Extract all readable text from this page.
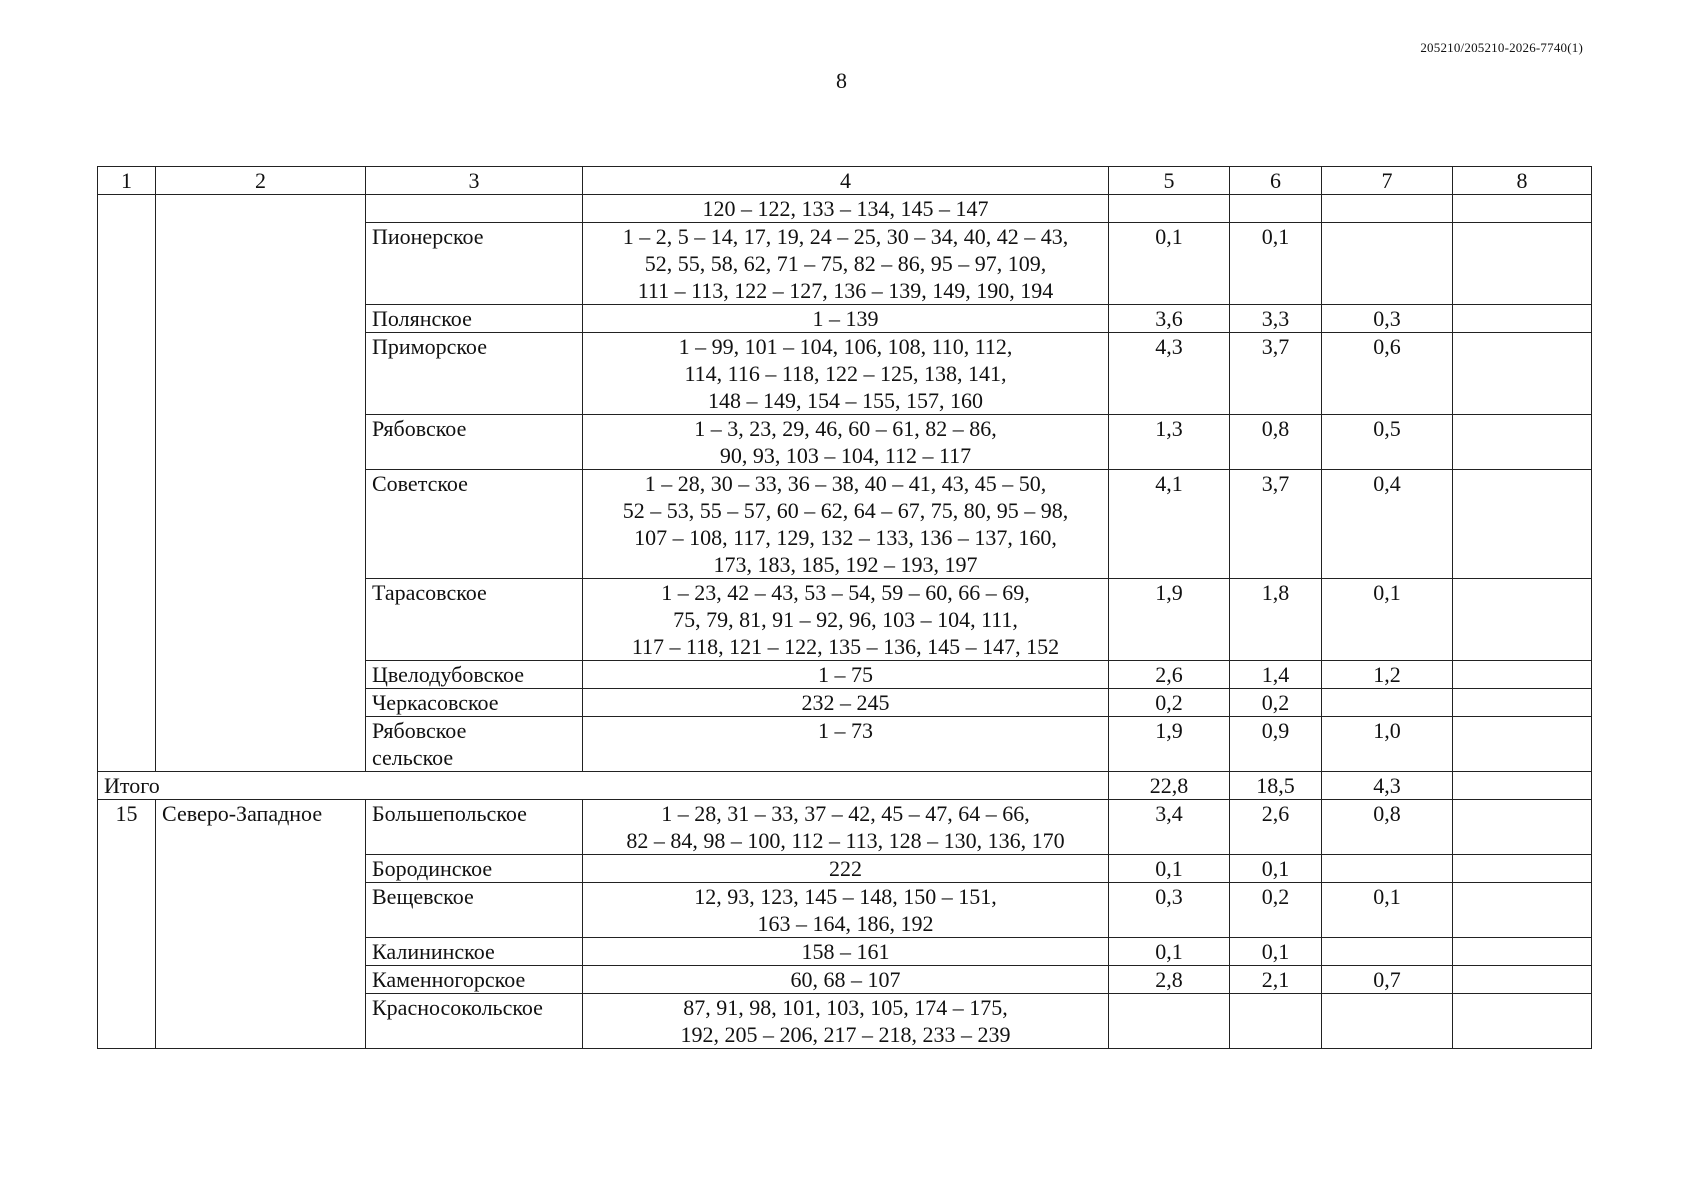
205210/205210-2026-7740(1)
8
1	2	3	4	5	6	7	8

			120 – 122, 133 – 134, 145 – 147				

		Пионерское	1 – 2, 5 – 14, 17, 19, 24 – 25, 30 – 34, 40, 42 – 43,
52, 55, 58, 62, 71 – 75, 82 – 86, 95 – 97, 109,
111 – 113, 122 – 127, 136 – 139, 149, 190, 194	0,1	0,1		
		Полянское	1 – 139	3,6	3,3	0,3	
		Приморское	1 – 99, 101 – 104, 106, 108, 110, 112,
114, 116 – 118, 122 – 125, 138, 141,
148 – 149, 154 – 155, 157, 160	4,3	3,7	0,6	
		Рябовское	1 – 3, 23, 29, 46, 60 – 61, 82 – 86,
90, 93, 103 – 104, 112 – 117	1,3	0,8	0,5	
		Советское	1 – 28, 30 – 33, 36 – 38, 40 – 41, 43, 45 – 50,
52 – 53, 55 – 57, 60 – 62, 64 – 67, 75, 80, 95 – 98,
107 – 108, 117, 129, 132 – 133, 136 – 137, 160,
173, 183, 185, 192 – 193, 197	4,1	3,7	0,4	
		Тарасовское	1 – 23, 42 – 43, 53 – 54, 59 – 60, 66 – 69,
75, 79, 81, 91 – 92, 96, 103 – 104, 111,
117 – 118, 121 – 122, 135 – 136, 145 – 147, 152	1,9	1,8	0,1	
		Цвелодубовское	1 – 75	2,6	1,4	1,2	
		Черкасовское	232 – 245	0,2	0,2		

		Рябовское
сельское	1 – 73	1,9	0,9	1,0	
Итого				22,8	18,5	4,3	
15	Северо-Западное	Большепольское	1 – 28, 31 – 33, 37 – 42, 45 – 47, 64 – 66,
82 – 84, 98 – 100, 112 – 113, 128 – 130, 136, 170	3,4	2,6	0,8	
		Бородинское	222	0,1	0,1		
		Вещевское	12, 93, 123, 145 – 148, 150 – 151,
163 – 164, 186, 192	0,3	0,2	0,1	
		Калининское	158 – 161	0,1	0,1		
		Каменногорское	60, 68 – 107	2,8	2,1	0,7	
		Красносокольское	87, 91, 98, 101, 103, 105, 174 – 175,
192, 205 – 206, 217 – 218, 233 – 239				
